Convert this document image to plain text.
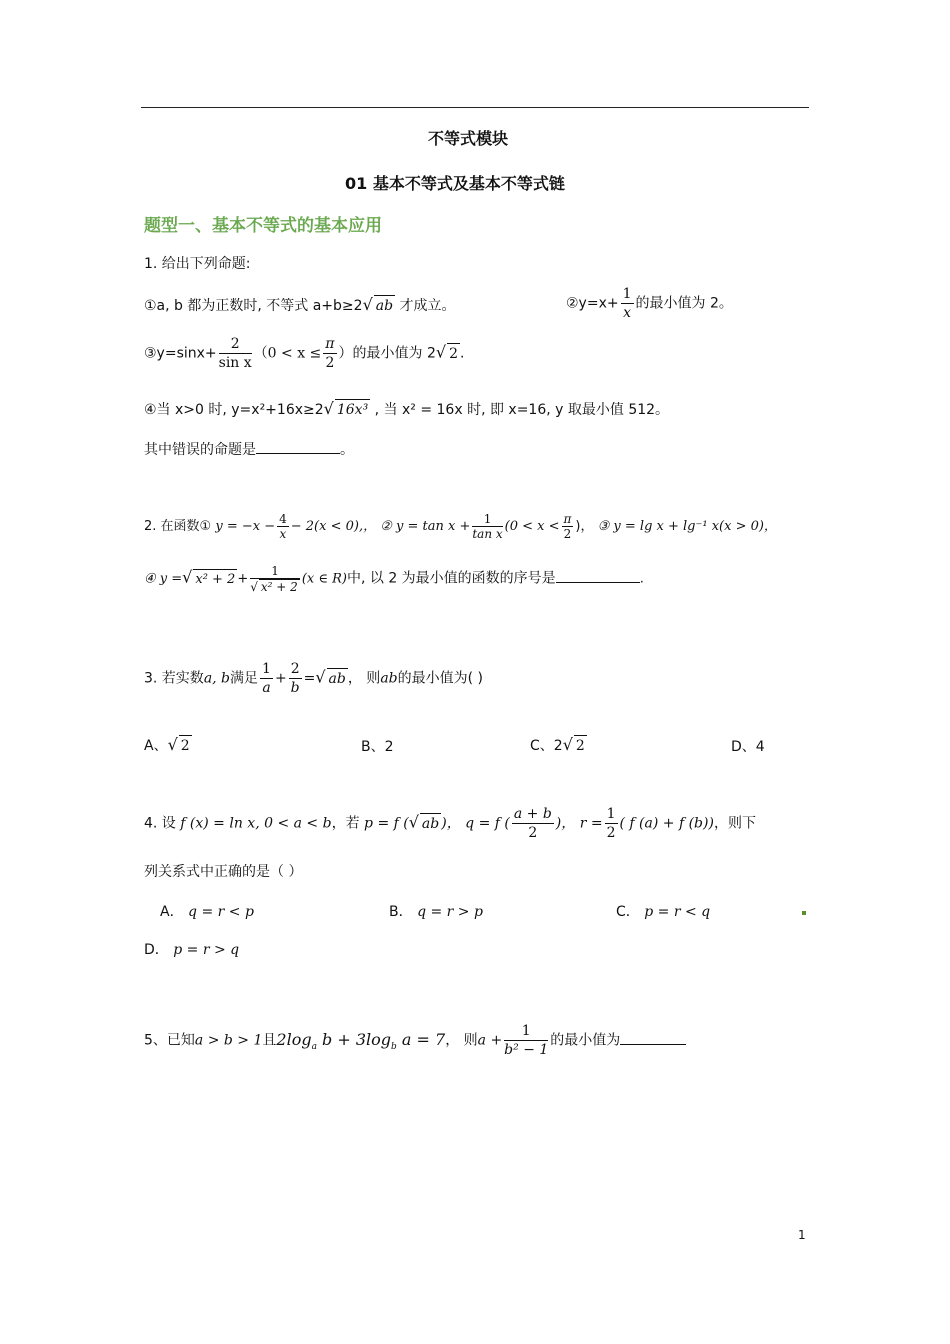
不等式模块
01 基本不等式及基本不等式链
题型一、基本不等式的基本应用
1. 给出下列命题:
①a, b 都为正数时, 不等式 a+b≥2√ ab 才成立。	②y=x+ $\frac{1}{x}$ 的最小值为 2。
③y=sinx+ $\frac{2}{\text{sin x}} (0 < x \le \frac{\pi}{2}$ ）的最小值为 2√ 2 .
④当 x>0 时, y=x²+16x≥2√ 16x³ , 当 x² = 16x 时, 即 x=16, y 取最小值 512。
其中错误的命题是	。
2. 在函数① $y = -x - \frac{4}{x} - 2(x < 0)$,， ② $y = \tan x + \frac{1}{\text{tan x}} (0 < x < \frac{\pi}{2}$ )， ③ y = lg x + lg⁻¹ x(x > 0)，
④ y =√ $x^2 + 2 + \frac{1}{\text{√ x² + 2}} (x$ ∈ R)中, 以 2 为最小值的函数的序号是	.
3. 若实数a, b满足 $\frac{1}{a} + \frac{2}{b}$ =√ ab ， 则ab的最小值为( )
A、√ 2	B、2	C、2√ 2	D、4
4. 设 f (x) = ln x, 0 < a < b，若 p = f (√ ab )， q = f ( $\frac{a + b}{2}$ )， $r = \frac{1}{2}$ ( f (a) + f (b))，则下
列关系式中正确的是（ ）
A． q = r < p	B． q = r > p	C． p = r < q
D． p = r > q
5、已知a > b > 1且$2\log_a$ $b + 3\log_b$ a = 7， 则$a + \frac{1}{\text{b² − 1}}$ 的最小值为
1
